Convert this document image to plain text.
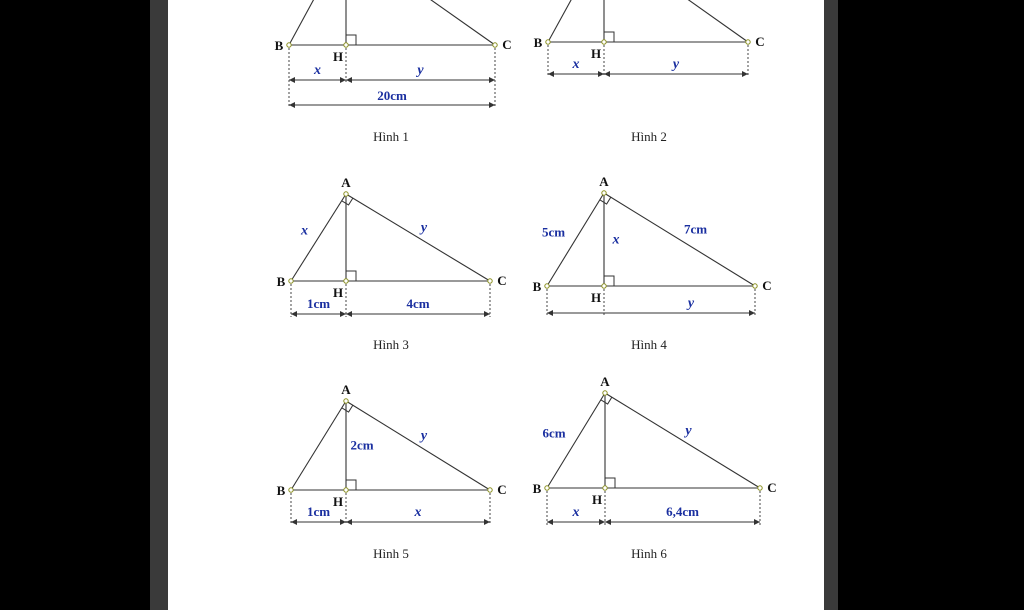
B	C
H
x	y
20cm
Hình 1
B	C
H
x	y
Hình 2
B	C
H
A
1cm	4cm
x	y
Hình 3
B	C
H
A
y
5cm	7cm
x
Hình 4
B	C
H
A
1cm	x
y
2cm
Hình 5
B	C
H
A
x	6,4cm
6cm	y
Hình 6
